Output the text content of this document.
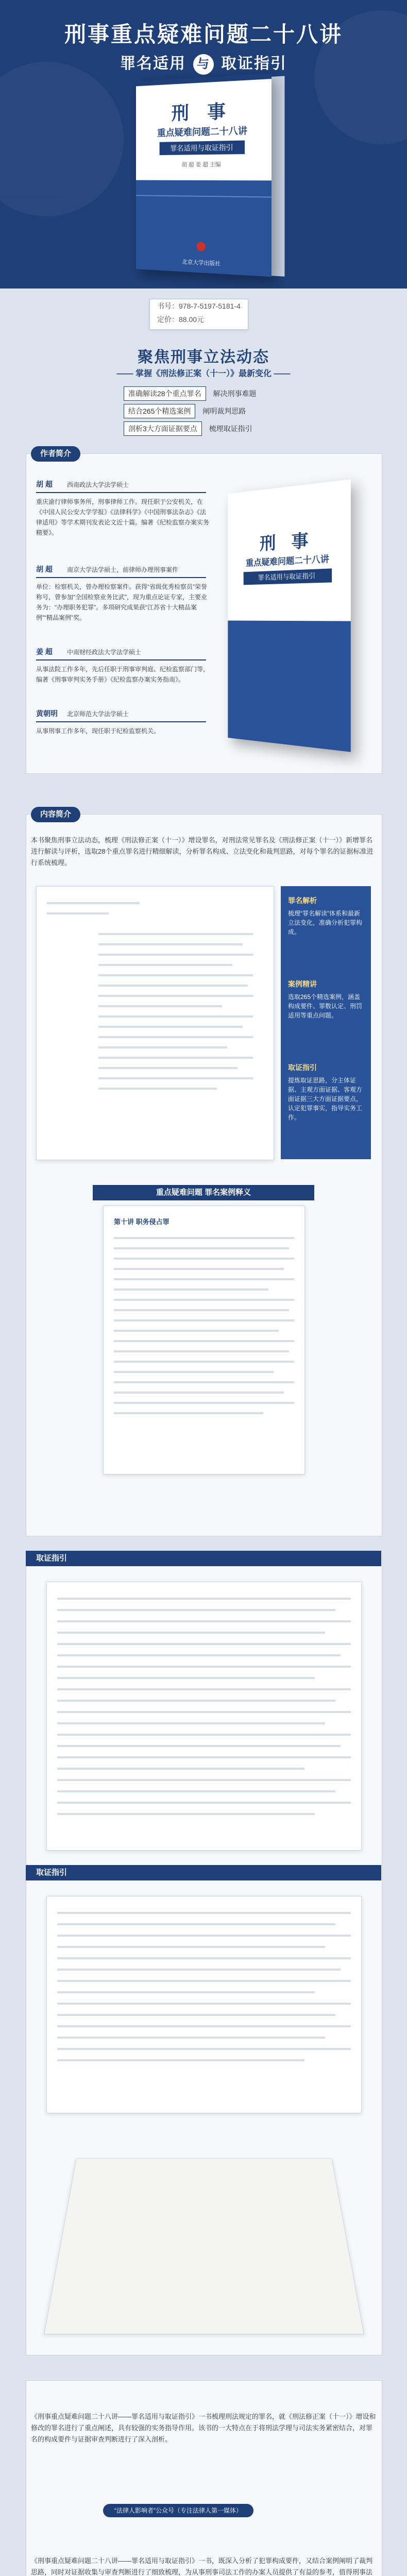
刑事重点疑难问题二十八讲
罪名适用 与 取证指引
刑 事
重点疑难问题二十八讲
罪名适用与取证指引
胡 超 姜 超 主编
北京大学出版社
书号：978-7-5197-5181-4
定价：88.00元
聚焦刑事立法动态
—— 掌握《刑法修正案（十一）》最新变化 ——
准确解读28个重点罪名 解决刑事难题
结合265个精选案例 阐明裁判思路
剖析3大方面证据要点 梳理取证指引
作者简介
胡 超 西南政法大学法学硕士
重庆渝行律师事务所，刑事律师工作。现任职于公安机关，在《中国人民公安大学学报》《法律科学》《中国刑事法杂志》《法律适用》等学术期刊发表论文近十篇。编著《纪检监察办案实务精要》。
胡 超 南京大学法学硕士，前律师办理刑事案件
单位：检察机关，曾办理检察案件。获得“省级优秀检察员”荣誉称号，曾参加“全国检察业务比武”，现为重点论证专家，主要业务为：“办理职务犯罪”。多项研究成果获“江苏省十大精品案例”“精品案例”奖。
姜 超 中南财经政法大学法学硕士
从事法院工作多年，先后任职于刑事审判庭、纪检监察部门等，编著《刑事审判实务手册》《纪检监察办案实务指南》。
黄朝明 北京师范大学法学硕士
从事刑事工作多年，现任职于纪检监察机关。
刑 事
重点疑难问题二十八讲
罪名适用与取证指引
内容简介
本书聚焦刑事立法动态，梳理《刑法修正案（十一）》增设罪名，对刑法常见罪名及《刑法修正案（十一）》新增罪名进行解读与评析，选取28个重点罪名进行精细解读，分析罪名构成、立法变化和裁判思路，对每个罪名的证据标准进行系统梳理。
罪名解析
梳理“罪名解读”体系和最新立法变化，准确分析犯罪构成。
案例精讲
选取265个精选案例，涵盖构成要件、罪数认定、刑罚适用等重点问题。
取证指引
提炼取证思路，分主体证据、主观方面证据、客观方面证据三大方面证据要点，认定犯罪事实，指导实务工作。
重点疑难问题 罪名案例释义
第十讲 职务侵占罪
取证指引
取证指引
《刑事重点疑难问题二十八讲——罪名适用与取证指引》一书梳理刑法规定的罪名，就《刑法修正案（十一）》增设和修改的罪名进行了重点阐述，具有较强的实务指导作用。该书的一大特点在于将刑法学理与司法实务紧密结合，对罪名的构成要件与证据审查判断进行了深入剖析。
“法律人影响者”公众号（专注法律人第一媒体）
《刑事重点疑难问题二十八讲——罪名适用与取证指引》一书，既深入分析了犯罪构成要件，又结合案例阐明了裁判思路，同时对证据收集与审查判断进行了细致梳理，为从事刑事司法工作的办案人员提供了有益的参考，值得刑事法
